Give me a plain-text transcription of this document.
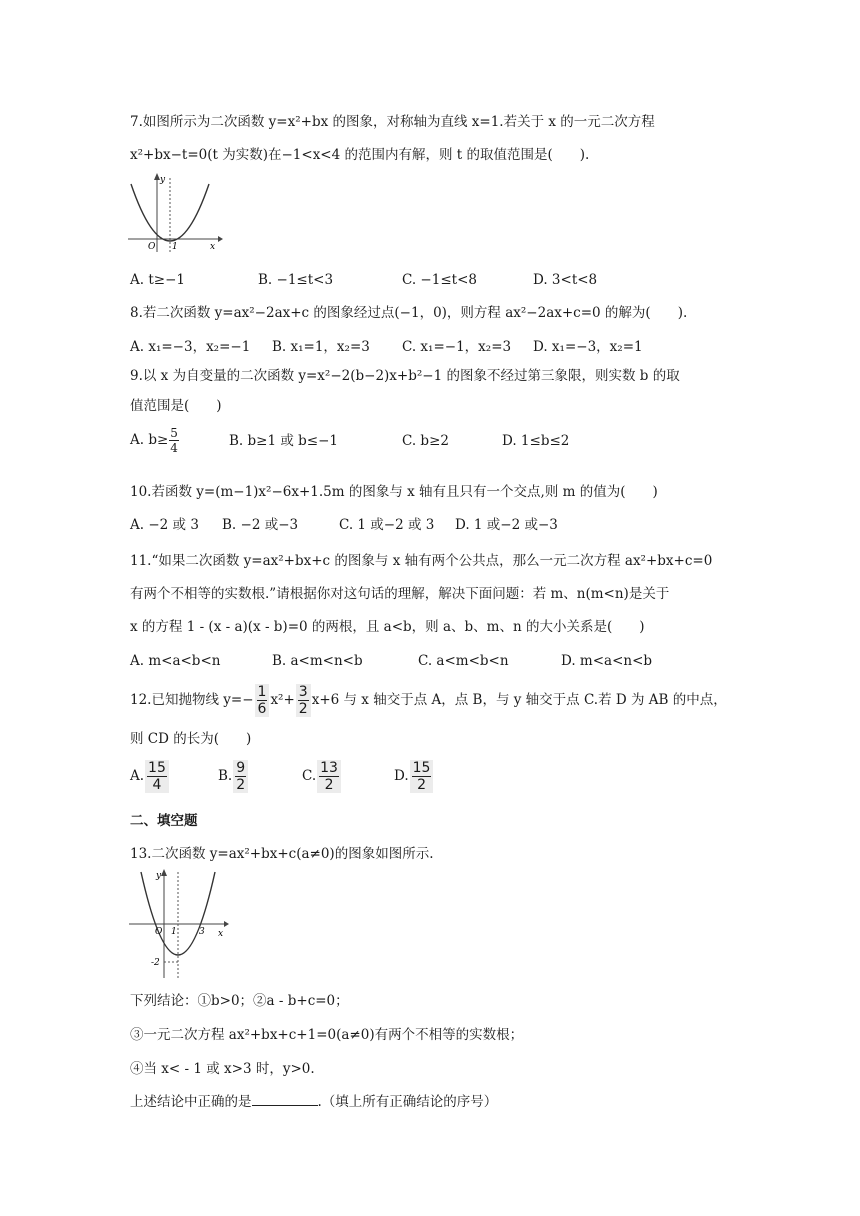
7.如图所示为二次函数 y=x²+bx 的图象，对称轴为直线 x=1.若关于 x 的一元二次方程
x²+bx−t=0(t 为实数)在−1<x<4 的范围内有解，则 t 的取值范围是(　　).
y
x
O 1
A. t≥−1	B. −1≤t<3	C. −1≤t<8	D. 3<t<8
8.若二次函数 y=ax²−2ax+c 的图象经过点(−1，0)，则方程 ax²−2ax+c=0 的解为(　　).
A. x₁=−3，x₂=−1 B. x₁=1，x₂=3 C. x₁=−1，x₂=3 D. x₁=−3，x₂=1
9.以 x 为自变量的二次函数 y=x²−2(b−2)x+b²−1 的图象不经过第三象限，则实数 b 的取
值范围是(　　)
A. $b\ge \frac{5}{4}$	B. b≥1 或 b≤−1	C. b≥2	D. 1≤b≤2
10.若函数 y=(m−1)x²−6x+1.5m 的图象与 x 轴有且只有一个交点,则 m 的值为(　　)
A. −2 或 3 B. −2 或−3	C. 1 或−2 或 3 D. 1 或−2 或−3
11.“如果二次函数 y=ax²+bx+c 的图象与 x 轴有两个公共点，那么一元二次方程 ax²+bx+c=0
有两个不相等的实数根.”请根据你对这句话的理解，解决下面问题：若 m、n(m<n)是关于
x 的方程 1 - (x - a)(x - b)=0 的两根，且 a<b，则 a、b、m、n 的大小关系是(　　)
A. m<a<b<n	B. a<m<n<b	C. a<m<b<n	D. m<a<n<b
12.已知抛物线 $y=- \frac{1}{6} x^2+ \frac{3}{2} x+6$ 与 x 轴交于点 A，点 B，与 y 轴交于点 C.若 D 为 AB 的中点，
则 CD 的长为(　　)
A. $\frac{15}{4}$	B. $\frac{9}{2}$	C. $\frac{13}{2}$	D. $\frac{15}{2}$
二、填空题
13.二次函数 y=ax²+bx+c(a≠0)的图象如图所示.
y
x
O 1 3
-2
下列结论：①b>0；②a - b+c=0；
③一元二次方程 ax²+bx+c+1=0(a≠0)有两个不相等的实数根；
④当 x< - 1 或 x>3 时，y>0.
上述结论中正确的是	.（填上所有正确结论的序号）
